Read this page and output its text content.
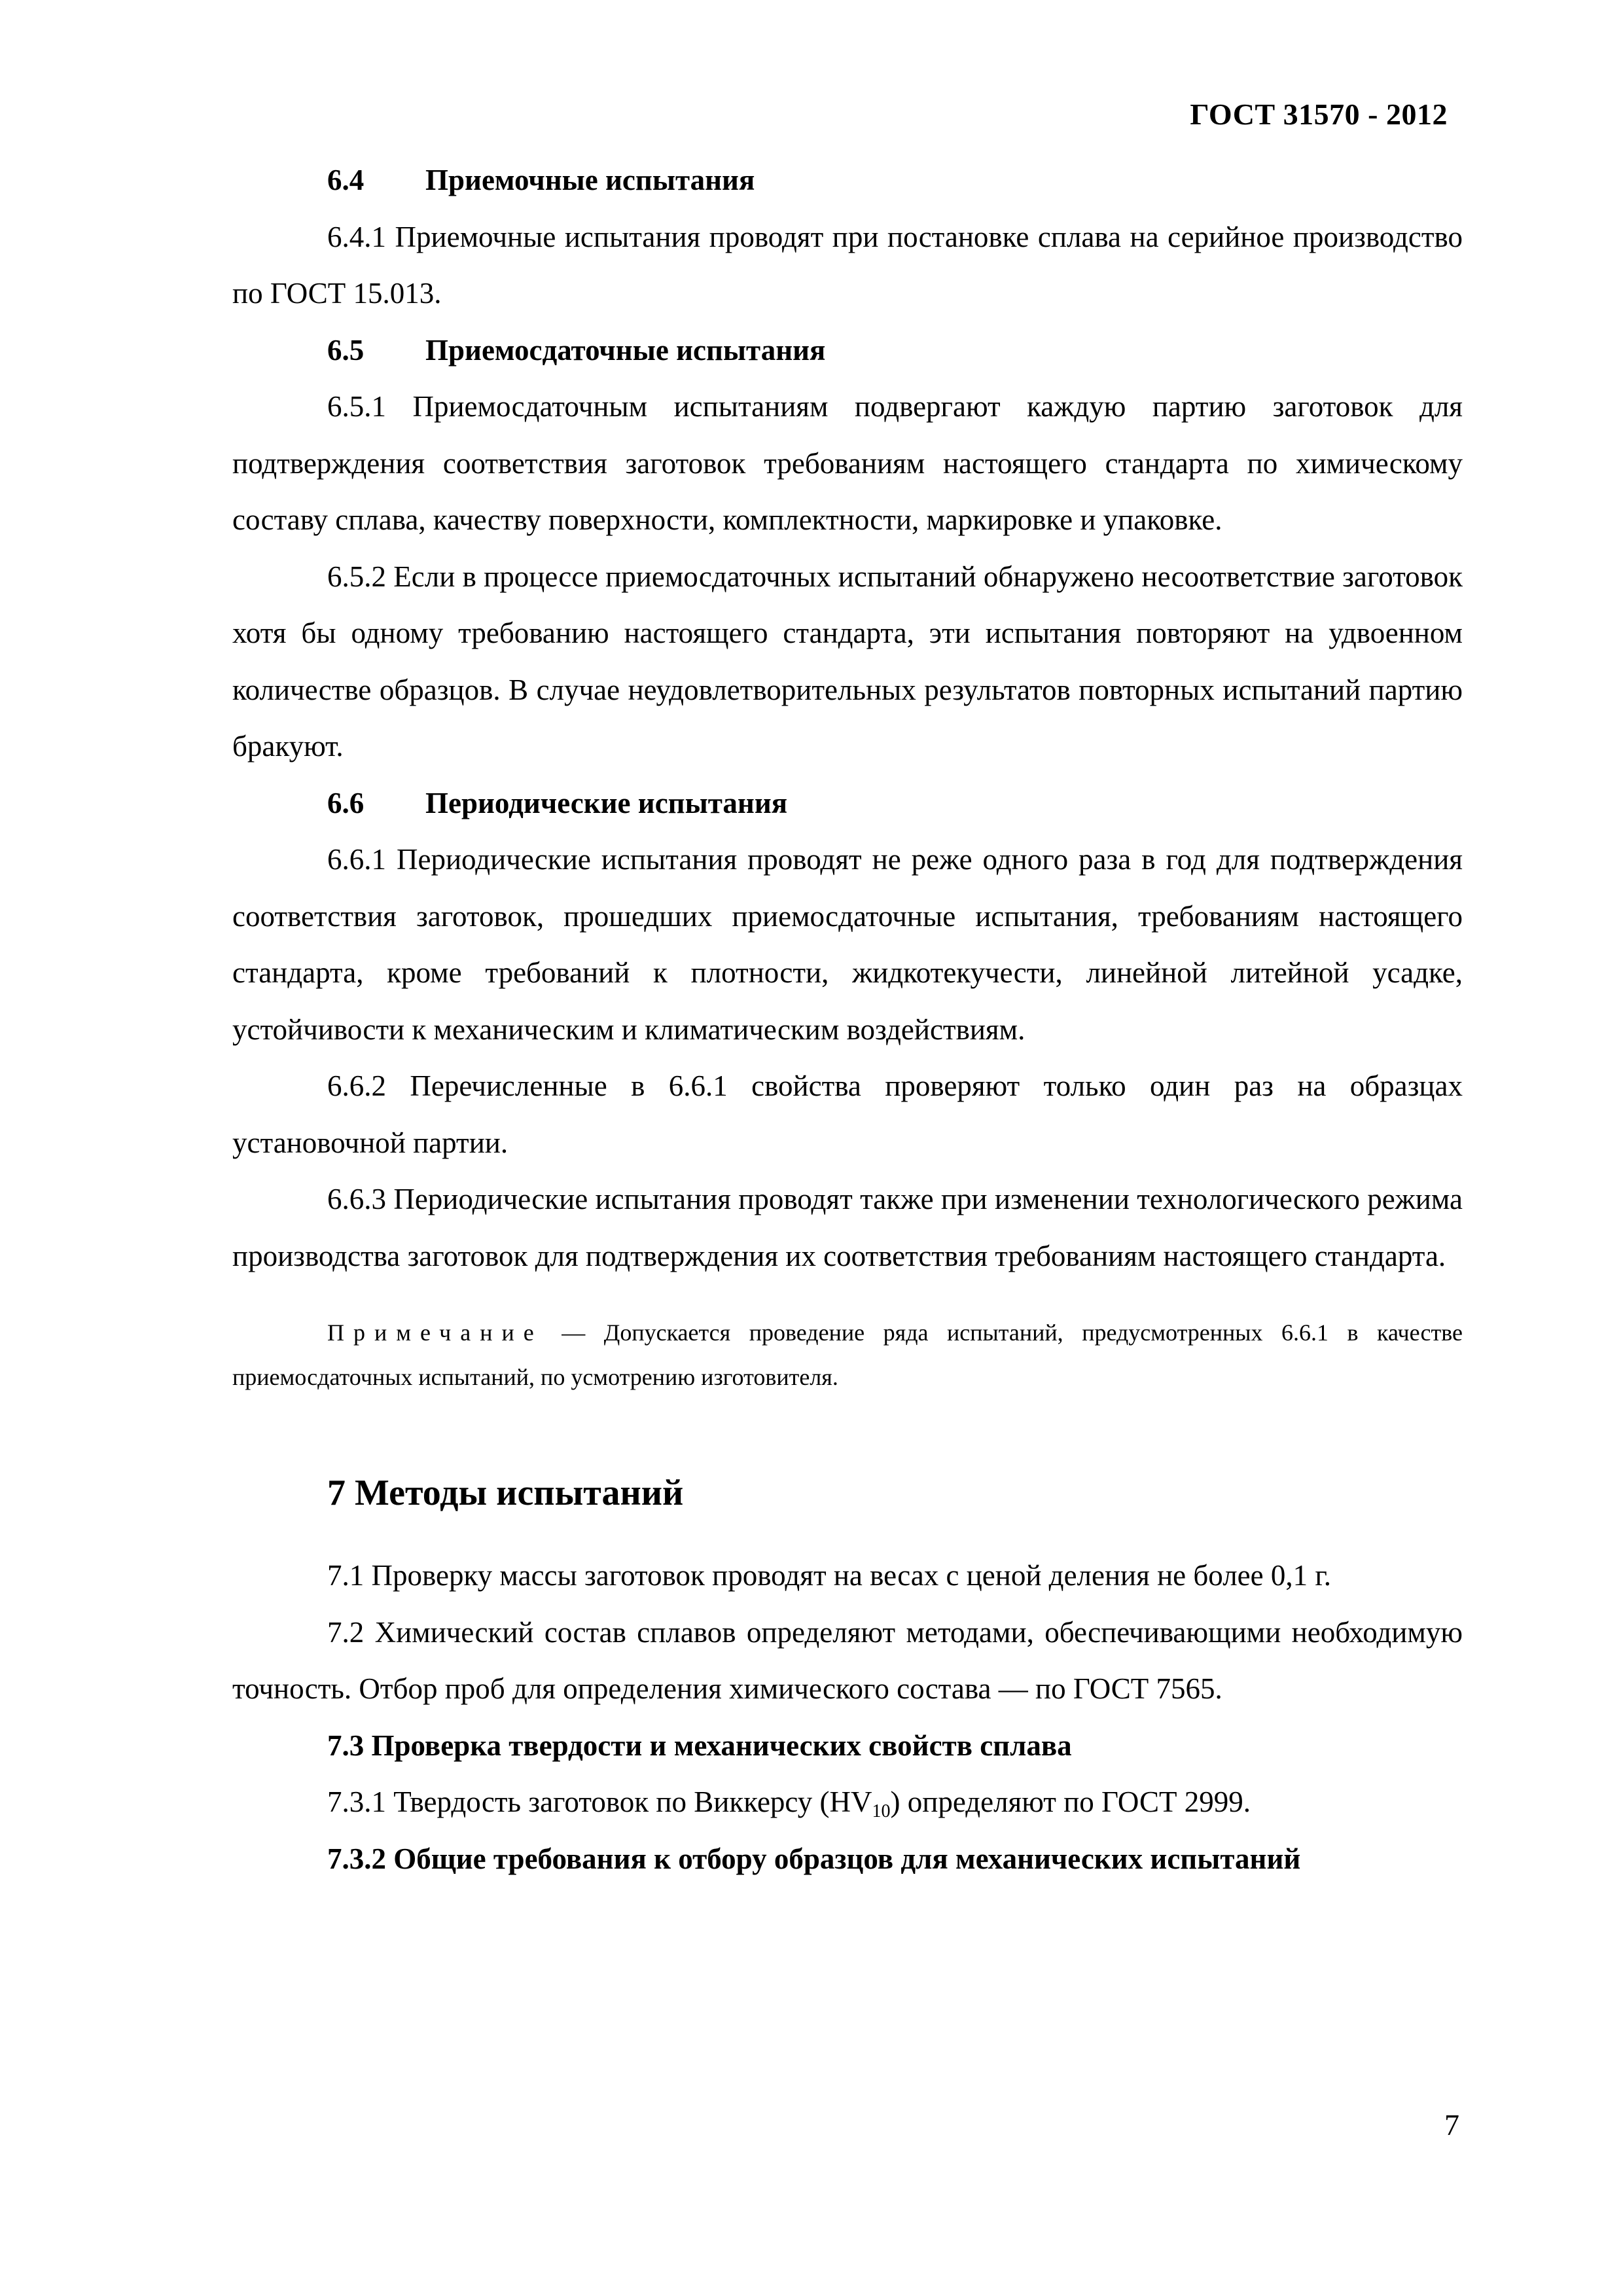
ГОСТ 31570 - 2012
6.4 Приемочные испытания

6.4.1 Приемочные испытания проводят при постановке сплава на серийное производство по ГОСТ 15.013.

6.5 Приемосдаточные испытания

6.5.1 Приемосдаточным испытаниям подвергают каждую партию заготовок для подтверждения соответствия заготовок требованиям настоящего стандарта по химическому составу сплава, качеству поверхности, комплектности, маркировке и упаковке.

6.5.2 Если в процессе приемосдаточных испытаний обнаружено несоответствие заготовок хотя бы одному требованию настоящего стандарта, эти испытания повторяют на удвоенном количестве образцов. В случае неудовлетворительных результатов повторных испытаний партию бракуют.

6.6 Периодические испытания

6.6.1 Периодические испытания проводят не реже одного раза в год для подтверждения соответствия заготовок, прошедших приемосдаточные испытания, требованиям настоящего стандарта, кроме требований к плотности, жидкотекучести, линейной литейной усадке, устойчивости к механическим и климатическим воздействиям.

6.6.2 Перечисленные в 6.6.1 свойства проверяют только один раз на образцах установочной партии.

6.6.3 Периодические испытания проводят также при изменении технологического режима производства заготовок для подтверждения их соответствия требованиям настоящего стандарта.

Примечание — Допускается проведение ряда испытаний, предусмотренных 6.6.1 в качестве приемосдаточных испытаний, по усмотрению изготовителя.
7 Методы испытаний

7.1 Проверку массы заготовок проводят на весах с ценой деления не более 0,1 г.

7.2 Химический состав сплавов определяют методами, обеспечивающими необходимую точность. Отбор проб для определения химического состава — по ГОСТ 7565.

7.3 Проверка твердости и механических свойств сплава

7.3.1 Твердость заготовок по Виккерсу $(HV_{10})$ определяют по ГОСТ 2999.

7.3.2 Общие требования к отбору образцов для механических испытаний
7
